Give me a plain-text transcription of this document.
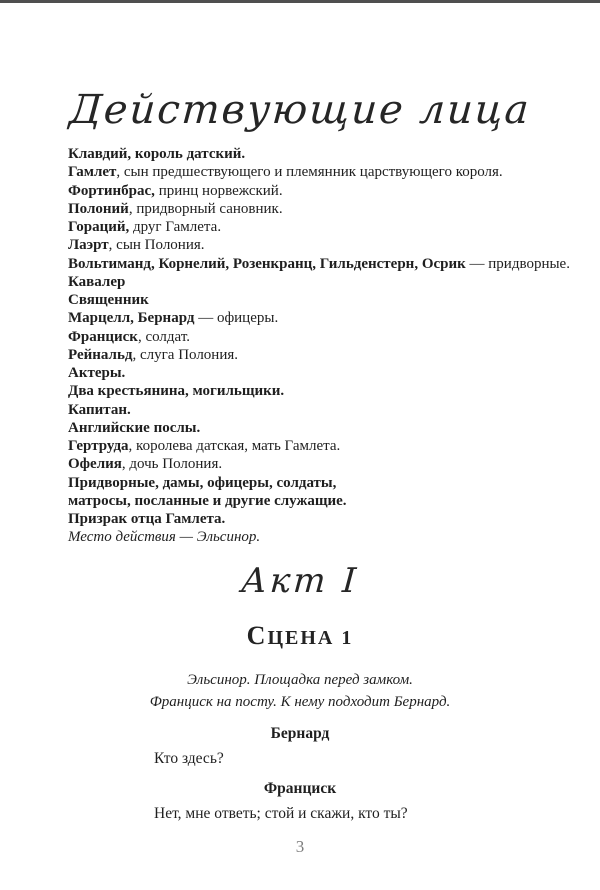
Действующие лица
Клавдий, король датский.
Гамлет, сын предшествующего и племянник царствующего короля.
Фортинбрас, принц норвежский.
Полоний, придворный сановник.
Гораций, друг Гамлета.
Лаэрт, сын Полония.
Вольтиманд, Корнелий, Розенкранц, Гильденстерн, Осрик — придворные.
Кавалер
Священник
Марцелл, Бернард — офицеры.
Франциск, солдат.
Рейнальд, слуга Полония.
Актеры.
Два крестьянина, могильщики.
Капитан.
Английские послы.
Гертруда, королева датская, мать Гамлета.
Офелия, дочь Полония.
Придворные, дамы, офицеры, солдаты,
матросы, посланные и другие служащие.
Призрак отца Гамлета.
Место действия — Эльсинор.
Акт I
СЦЕНА 1
Эльсинор. Площадка перед замком.
Франциск на посту. К нему подходит Бернард.
Бернард
Кто здесь?
Франциск
Нет, мне ответь; стой и скажи, кто ты?
3
